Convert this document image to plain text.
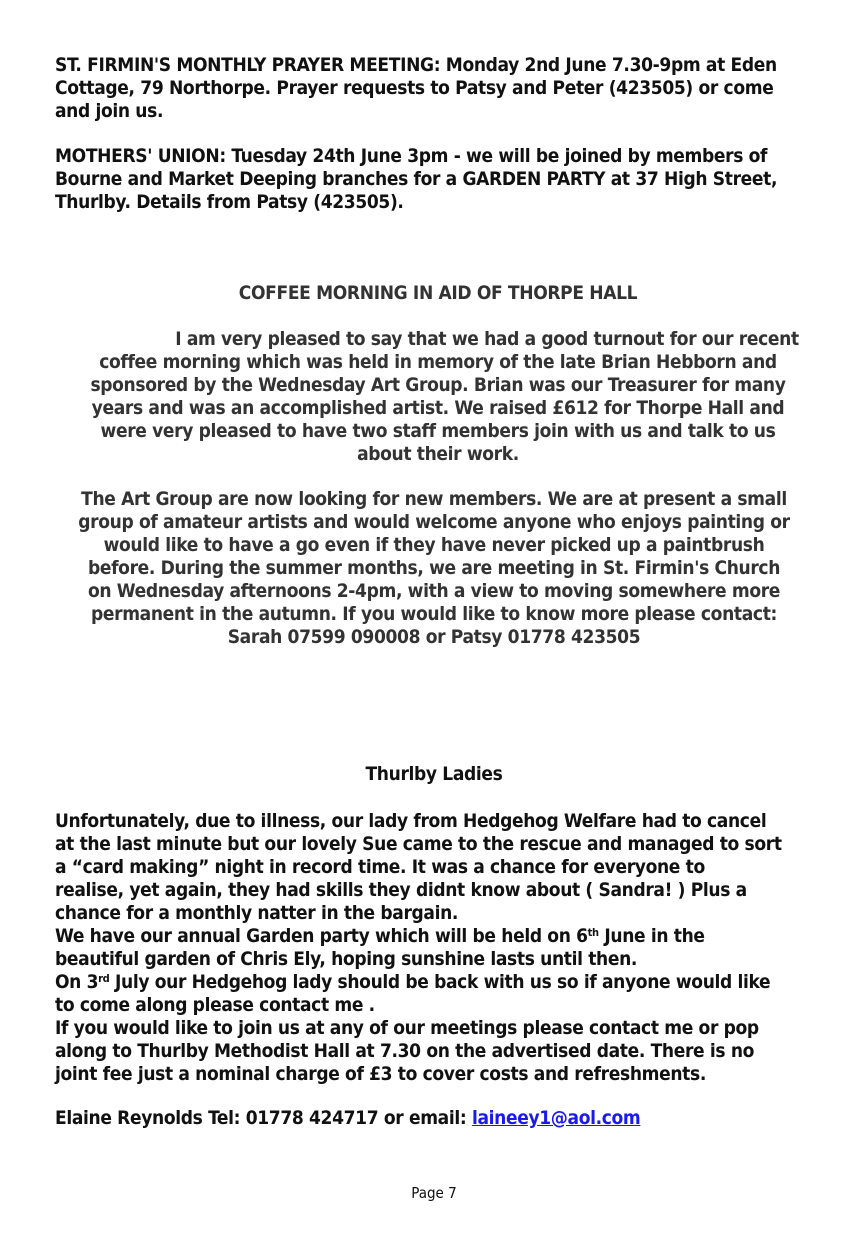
ST. FIRMIN'S MONTHLY PRAYER MEETING: Monday 2nd June 7.30-9pm at Eden
Cottage, 79 Northorpe. Prayer requests to Patsy and Peter (423505) or come
and join us.
MOTHERS' UNION: Tuesday 24th June 3pm - we will be joined by members of
Bourne and Market Deeping branches for a GARDEN PARTY at 37 High Street,
Thurlby. Details from Patsy (423505).
COFFEE MORNING IN AID OF THORPE HALL
I am very pleased to say that we had a good turnout for our recent
coffee morning which was held in memory of the late Brian Hebborn and
sponsored by the Wednesday Art Group. Brian was our Treasurer for many
years and was an accomplished artist. We raised £612 for Thorpe Hall and
were very pleased to have two staff members join with us and talk to us
about their work.
The Art Group are now looking for new members. We are at present a small
group of amateur artists and would welcome anyone who enjoys painting or
would like to have a go even if they have never picked up a paintbrush
before. During the summer months, we are meeting in St. Firmin's Church
on Wednesday afternoons 2-4pm, with a view to moving somewhere more
permanent in the autumn. If you would like to know more please contact:
Sarah 07599 090008 or Patsy 01778 423505
Thurlby Ladies
Unfortunately, due to illness, our lady from Hedgehog Welfare had to cancel
at the last minute but our lovely Sue came to the rescue and managed to sort
a “card making” night in record time. It was a chance for everyone to
realise, yet again, they had skills they didnt know about ( Sandra! ) Plus a
chance for a monthly natter in the bargain.
We have our annual Garden party which will be held on 6th June in the
beautiful garden of Chris Ely, hoping sunshine lasts until then.
On 3rd July our Hedgehog lady should be back with us so if anyone would like
to come along please contact me .
If you would like to join us at any of our meetings please contact me or pop
along to Thurlby Methodist Hall at 7.30 on the advertised date. There is no
joint fee just a nominal charge of £3 to cover costs and refreshments.
Elaine Reynolds Tel: 01778 424717 or email: laineey1@aol.com
Page 7
